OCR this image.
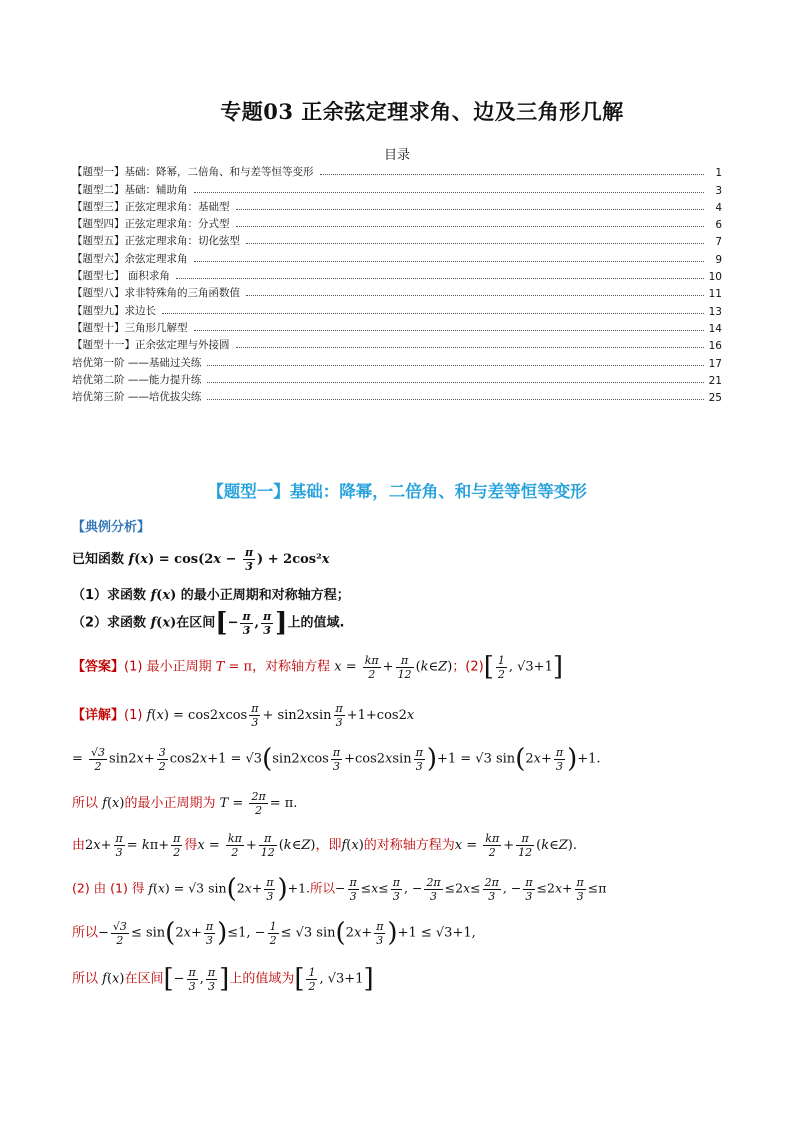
专题03 正余弦定理求角、边及三角形几解
目录
【题型一】基础：降幂，二倍角、和与差等恒等变形	1
【题型二】基础：辅助角	3
【题型三】正弦定理求角：基础型	4
【题型四】正弦定理求角：分式型	6
【题型五】正弦定理求角：切化弦型	7
【题型六】余弦定理求角	9
【题型七】 面积求角	10
【题型八】求非特殊角的三角函数值	11
【题型九】求边长	13
【题型十】三角形几解型	14
【题型十一】正余弦定理与外接圆	16
培优第一阶 ——基础过关练	17
培优第二阶 ——能力提升练	21
培优第三阶 ——培优拔尖练	25
【题型一】基础：降幂，二倍角、和与差等恒等变形
【典例分析】
已知函数 $f(x) = \cos(2x - \frac{\pi}{3}$ ) + 2cos²x
（1）求函数 f(x) 的最小正周期和对称轴方程；
（2）求函数 f(x)在区间[− $\frac{\pi}{3}$ , $\frac{\pi}{3}$ ]上的值域.
【答案】(1) 最小正周期 T = π，对称轴方程 $x = \frac{k\pi}{2} + \frac{\pi}{12}$ (k∈Z)；$(2)[ \frac{1}{2}$ , √3+1]
【详解】(1) $f(x) = \cos 2xcos \frac{\pi}{3} + \sin 2xsin \frac{\pi}{3} +1+\cos 2x$
= $\frac{√3}{2} \sin 2x+ \frac{3}{2} \cos 2x+1 = √3(\sin 2xcos \frac{\pi}{3} +\cos 2xsin \frac{\pi}{3} )+1 = √3$ $\sin(2x+ \frac{\pi}{3} )+1$.
所以 f(x)的最小正周期为 $T = \frac{2\pi}{2} = \pi$.
由$2x+ \frac{\pi}{3} = k\pi+ \frac{\pi}{2}$ 得$x = \frac{k\pi}{2} + \frac{\pi}{12}$ (k∈Z)，即f(x)的对称轴方程为$x = \frac{k\pi}{2} + \frac{\pi}{12}$ (k∈Z).
(2) 由 (1) 得 f(x) = √3 $\sin(2x+ \frac{\pi}{3} )+1$.所以− $\frac{\pi}{3} \le x\le \frac{\pi}{3}$ , − $\frac{2\pi}{3} \le 2x\le \frac{2\pi}{3}$ , − $\frac{\pi}{3} \le 2x+ \frac{\pi}{3} \le\pi$
所以− $\frac{√3}{2} \le \sin(2x+ \frac{\pi}{3} )\le 1$, − $\frac{1}{2} \le √3$ $\sin(2x+ \frac{\pi}{3} )+1 \le √3+1$,
所以 f(x)在区间[− $\frac{\pi}{3}$ , $\frac{\pi}{3}$ ]上的值域为[ $\frac{1}{2}$ , √3+1]
